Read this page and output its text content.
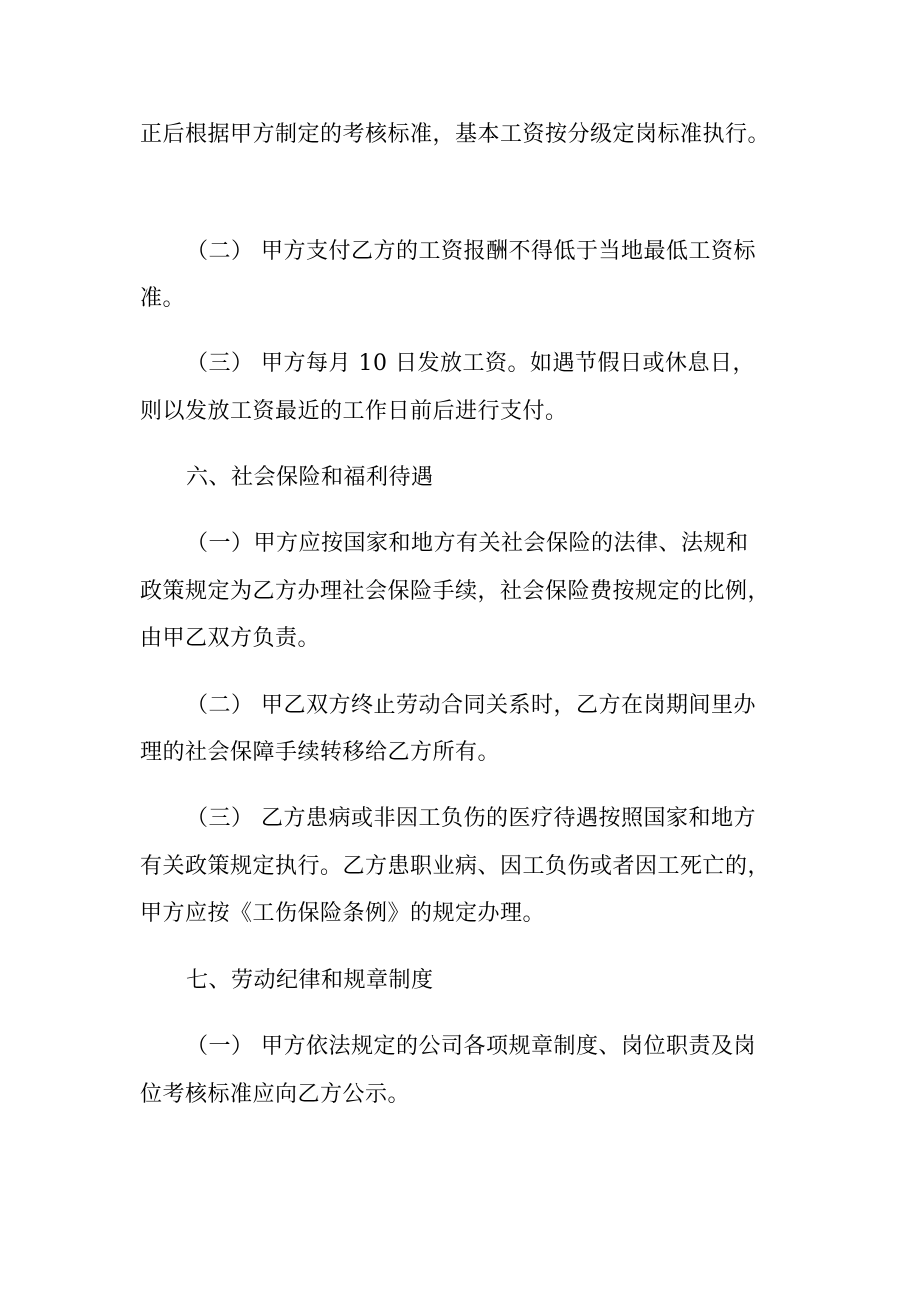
正后根据甲方制定的考核标准，基本工资按分级定岗标准执行。
（二） 甲方支付乙方的工资报酬不得低于当地最低工资标
准。
（三） 甲方每月 10 日发放工资。如遇节假日或休息日，
则以发放工资最近的工作日前后进行支付。
六、社会保险和福利待遇
（一）甲方应按国家和地方有关社会保险的法律、法规和
政策规定为乙方办理社会保险手续，社会保险费按规定的比例，
由甲乙双方负责。
（二） 甲乙双方终止劳动合同关系时，乙方在岗期间里办
理的社会保障手续转移给乙方所有。
（三） 乙方患病或非因工负伤的医疗待遇按照国家和地方
有关政策规定执行。乙方患职业病、因工负伤或者因工死亡的，
甲方应按《工伤保险条例》的规定办理。
七、劳动纪律和规章制度
（一） 甲方依法规定的公司各项规章制度、岗位职责及岗
位考核标准应向乙方公示。
